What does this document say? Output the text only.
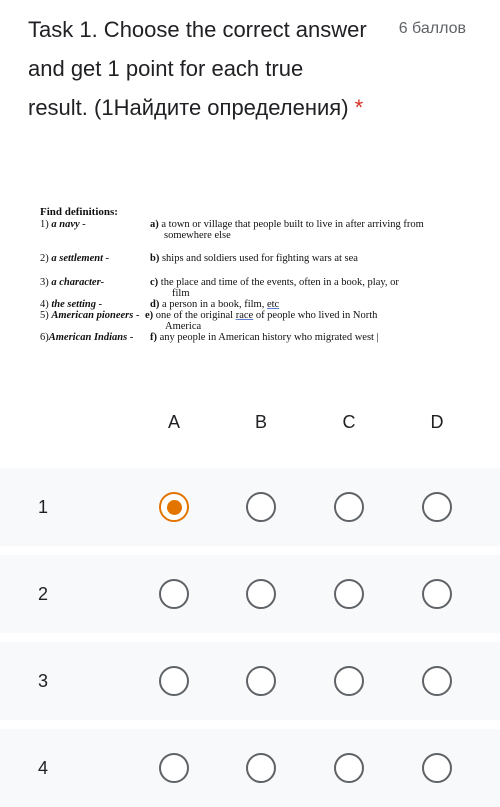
Task 1. Choose the correct answer and get 1 point for each true result. (1Найдите определения) *
6 баллов
Find definitions:
1) a navy -	a) a town or village that people built to live in after arriving from
somewhere else
2) a settlement -	b) ships and soldiers used for fighting wars at sea
3) a character-	c) the place and time of the events, often in a book, play, or
film
4) the setting -	d) a person in a book, film, etc
5) American pioneers - e) one of the original race of people who lived in North
America
6)American Indians -	f) any people in American history who migrated west |
A	B	C	D
1
2
3
4
